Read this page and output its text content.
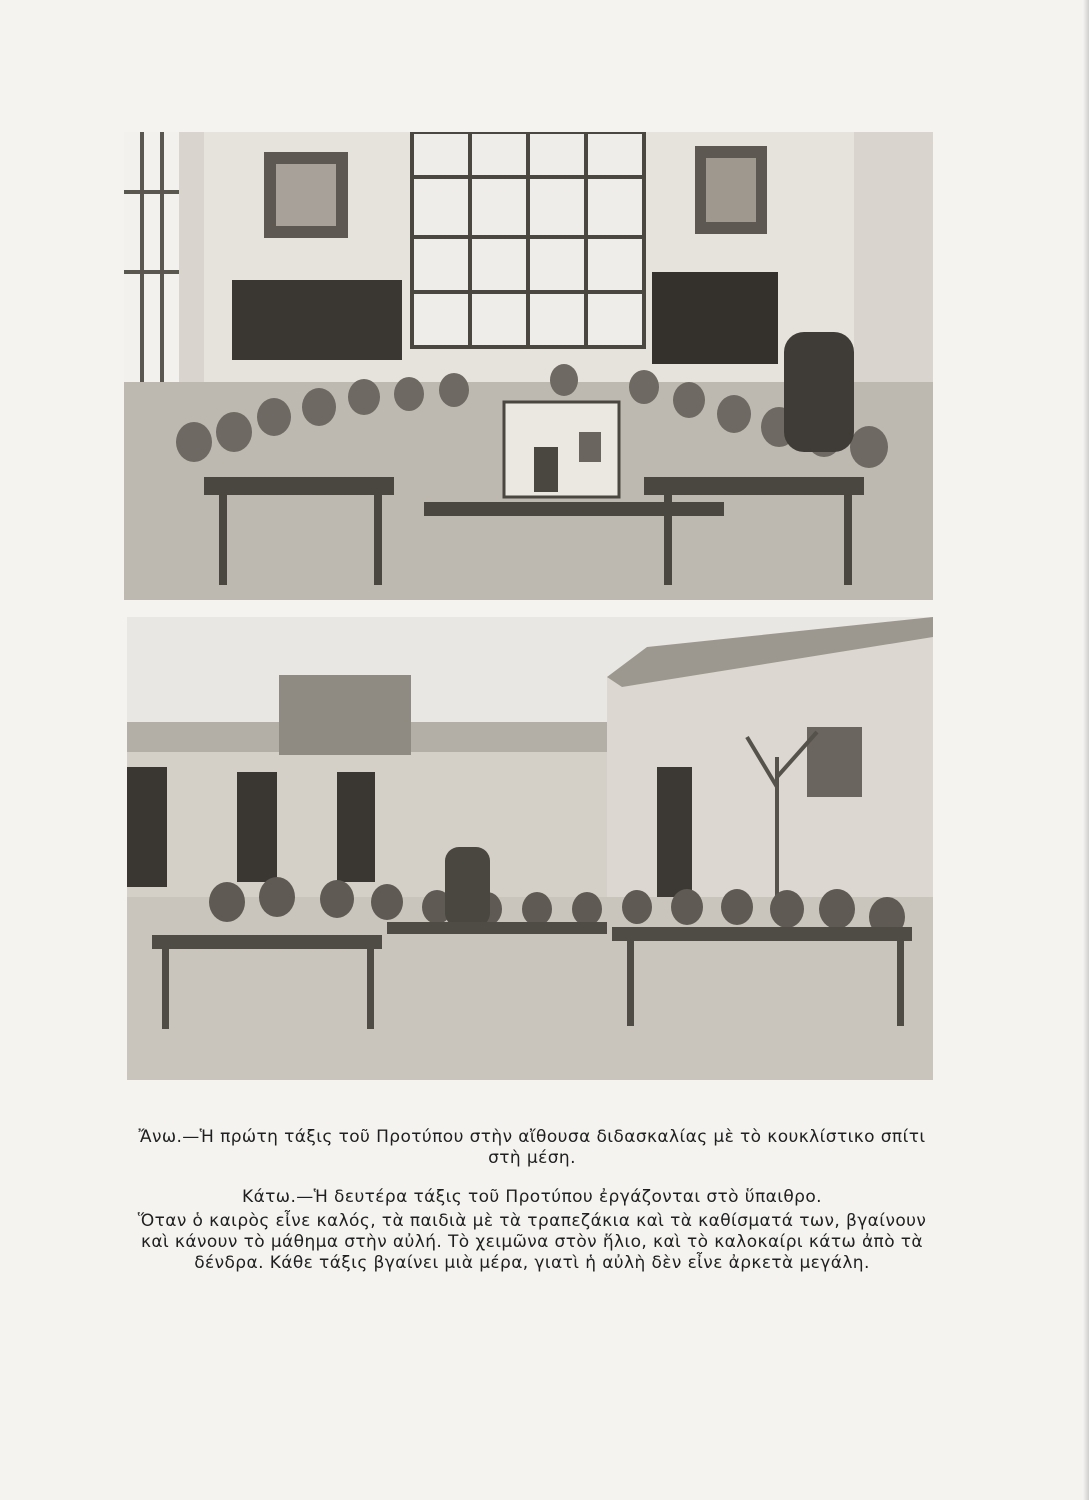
Ἄνω.—Ἡ πρώτη τάξις τοῦ Προτύπου στὴν αἴθουσα διδασκαλίας μὲ τὸ κουκλίστικο σπίτι στὴ μέση.
Κάτω.—Ἡ δευτέρα τάξις τοῦ Προτύπου ἐργάζονται στὸ ὕπαιθρο.
Ὅταν ὁ καιρὸς εἶνε καλός, τὰ παιδιὰ μὲ τὰ τραπεζάκια καὶ τὰ καθίσματά των, βγαίνουν καὶ κάνουν τὸ μάθημα στὴν αὐλή. Τὸ χειμῶνα στὸν ἥλιο, καὶ τὸ καλοκαίρι κάτω ἀπὸ τὰ δένδρα. Κάθε τάξις βγαίνει μιὰ μέρα, γιατὶ ἡ αὐλὴ δὲν εἶνε ἀρκετὰ μεγάλη.
